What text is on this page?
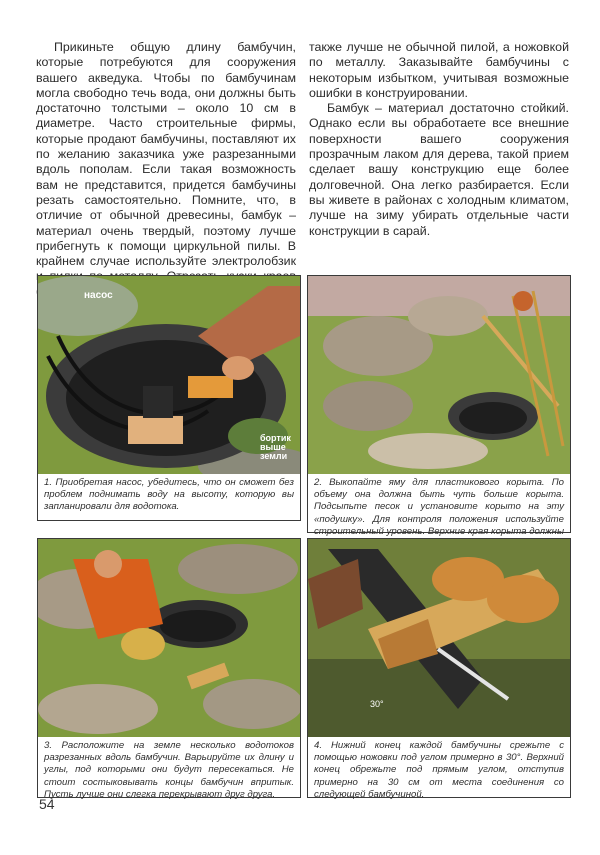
Прикиньте общую длину бамбучин, которые потребуются для сооружения вашего акведука. Чтобы по бамбучинам могла свободно течь вода, они должны быть достаточно толстыми – около 10 см в диаметре. Часто строительные фирмы, которые продают бамбучины, поставляют их по желанию заказчика уже разрезанными вдоль пополам. Если такая возможность вам не представится, придется бамбучины резать самостоятельно. Помните, что, в отличие от обычной древесины, бамбук – материал очень твердый, поэтому лучше прибегнуть к помощи циркульной пилы. В крайнем случае используйте электролобзик

также лучше не обычной пилой, а ножовкой по металлу. Заказывайте бамбучины с некоторым избытком, учитывая возможные ошибки в конструировании.

Бамбук – материал достаточно стойкий. Однако если вы обработаете все внешние поверхности вашего сооружения прозрачным лаком для дерева, такой прием сделает вашу конструкцию еще более долговечной. Она легко разбирается. Если вы живете в районах с холодным климатом, лучше на зиму убирать отдельные части конструкции в сарай.

насос
бортик выше земли
1. Приобретая насос, убедитесь, что он сможет без проблем поднимать воду на высоту, которую вы запланировали для водотока.
2. Выкопайте яму для пластикового корыта. По объему она должна быть чуть больше корыта. Подсыпьте песок и установите корыто на эту «подушку». Для контроля положения используйте строительный уровень. Верхние края корыта должны
3. Расположите на земле несколько водотоков разрезанных вдоль бамбучин. Варьируйте их длину и углы, под которыми они будут пересекаться. Не стоит состыковывать концы бамбучин впритык. Пусть лучше они слегка перекрывают друг друга.
30°
4. Нижний конец каждой бамбучины срежьте с помощью ножовки под углом примерно в 30°. Верхний конец обрежьте под прямым углом, отступив примерно на 30 см от места соединения со следующей бамбучиной.
54
